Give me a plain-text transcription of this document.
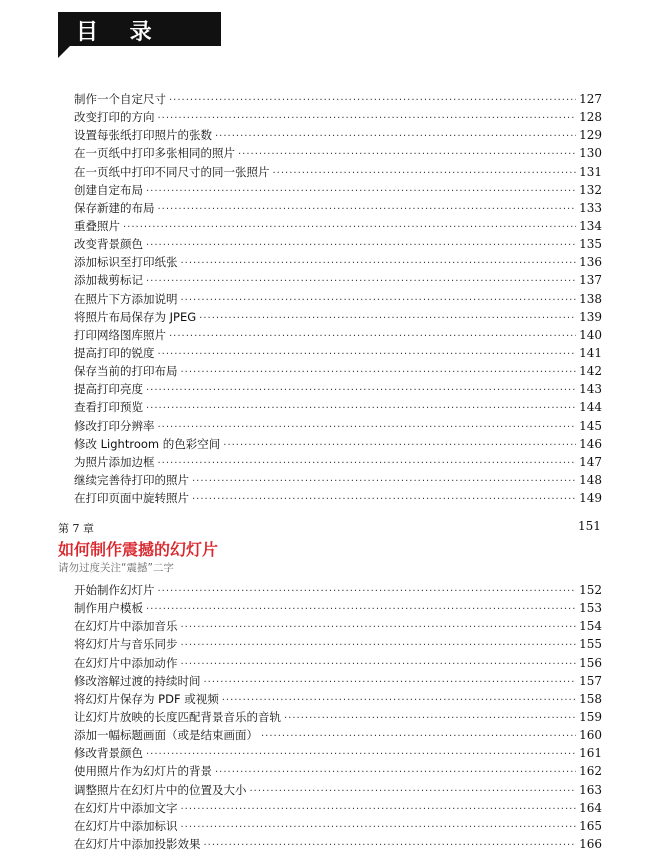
目 录
制作一个自定尺寸 ·····	127
改变打印的方向 ·····	128
设置每张纸打印照片的张数 ·····	129
在一页纸中打印多张相同的照片 ·····	130
在一页纸中打印不同尺寸的同一张照片 ·····	131
创建自定布局 ·····	132
保存新建的布局 ·····	133
重叠照片 ·····	134
改变背景颜色 ·····	135
添加标识至打印纸张 ·····	136
添加裁剪标记 ·····	137
在照片下方添加说明 ·····	138
将照片布局保存为 JPEG ·····	139
打印网络图库照片 ·····	140
提高打印的锐度 ·····	141
保存当前的打印布局 ·····	142
提高打印亮度 ·····	143
查看打印预览 ·····	144
修改打印分辨率 ·····	145
修改 Lightroom 的色彩空间 ·····	146
为照片添加边框 ·····	147
继续完善待打印的照片 ·····	148
在打印页面中旋转照片 ·····	149
第 7 章	151
如何制作震撼的幻灯片
请勿过度关注“震撼”二字
开始制作幻灯片 ·····	152
制作用户模板 ·····	153
在幻灯片中添加音乐 ·····	154
将幻灯片与音乐同步 ·····	155
在幻灯片中添加动作 ·····	156
修改溶解过渡的持续时间 ·····	157
将幻灯片保存为 PDF 或视频 ·····	158
让幻灯片放映的长度匹配背景音乐的音轨 ·····	159
添加一幅标题画面（或是结束画面） ·····	160
修改背景颜色 ·····	161
使用照片作为幻灯片的背景 ·····	162
调整照片在幻灯片中的位置及大小 ·····	163
在幻灯片中添加文字 ·····	164
在幻灯片中添加标识 ·····	165
在幻灯片中添加投影效果 ·····	166
